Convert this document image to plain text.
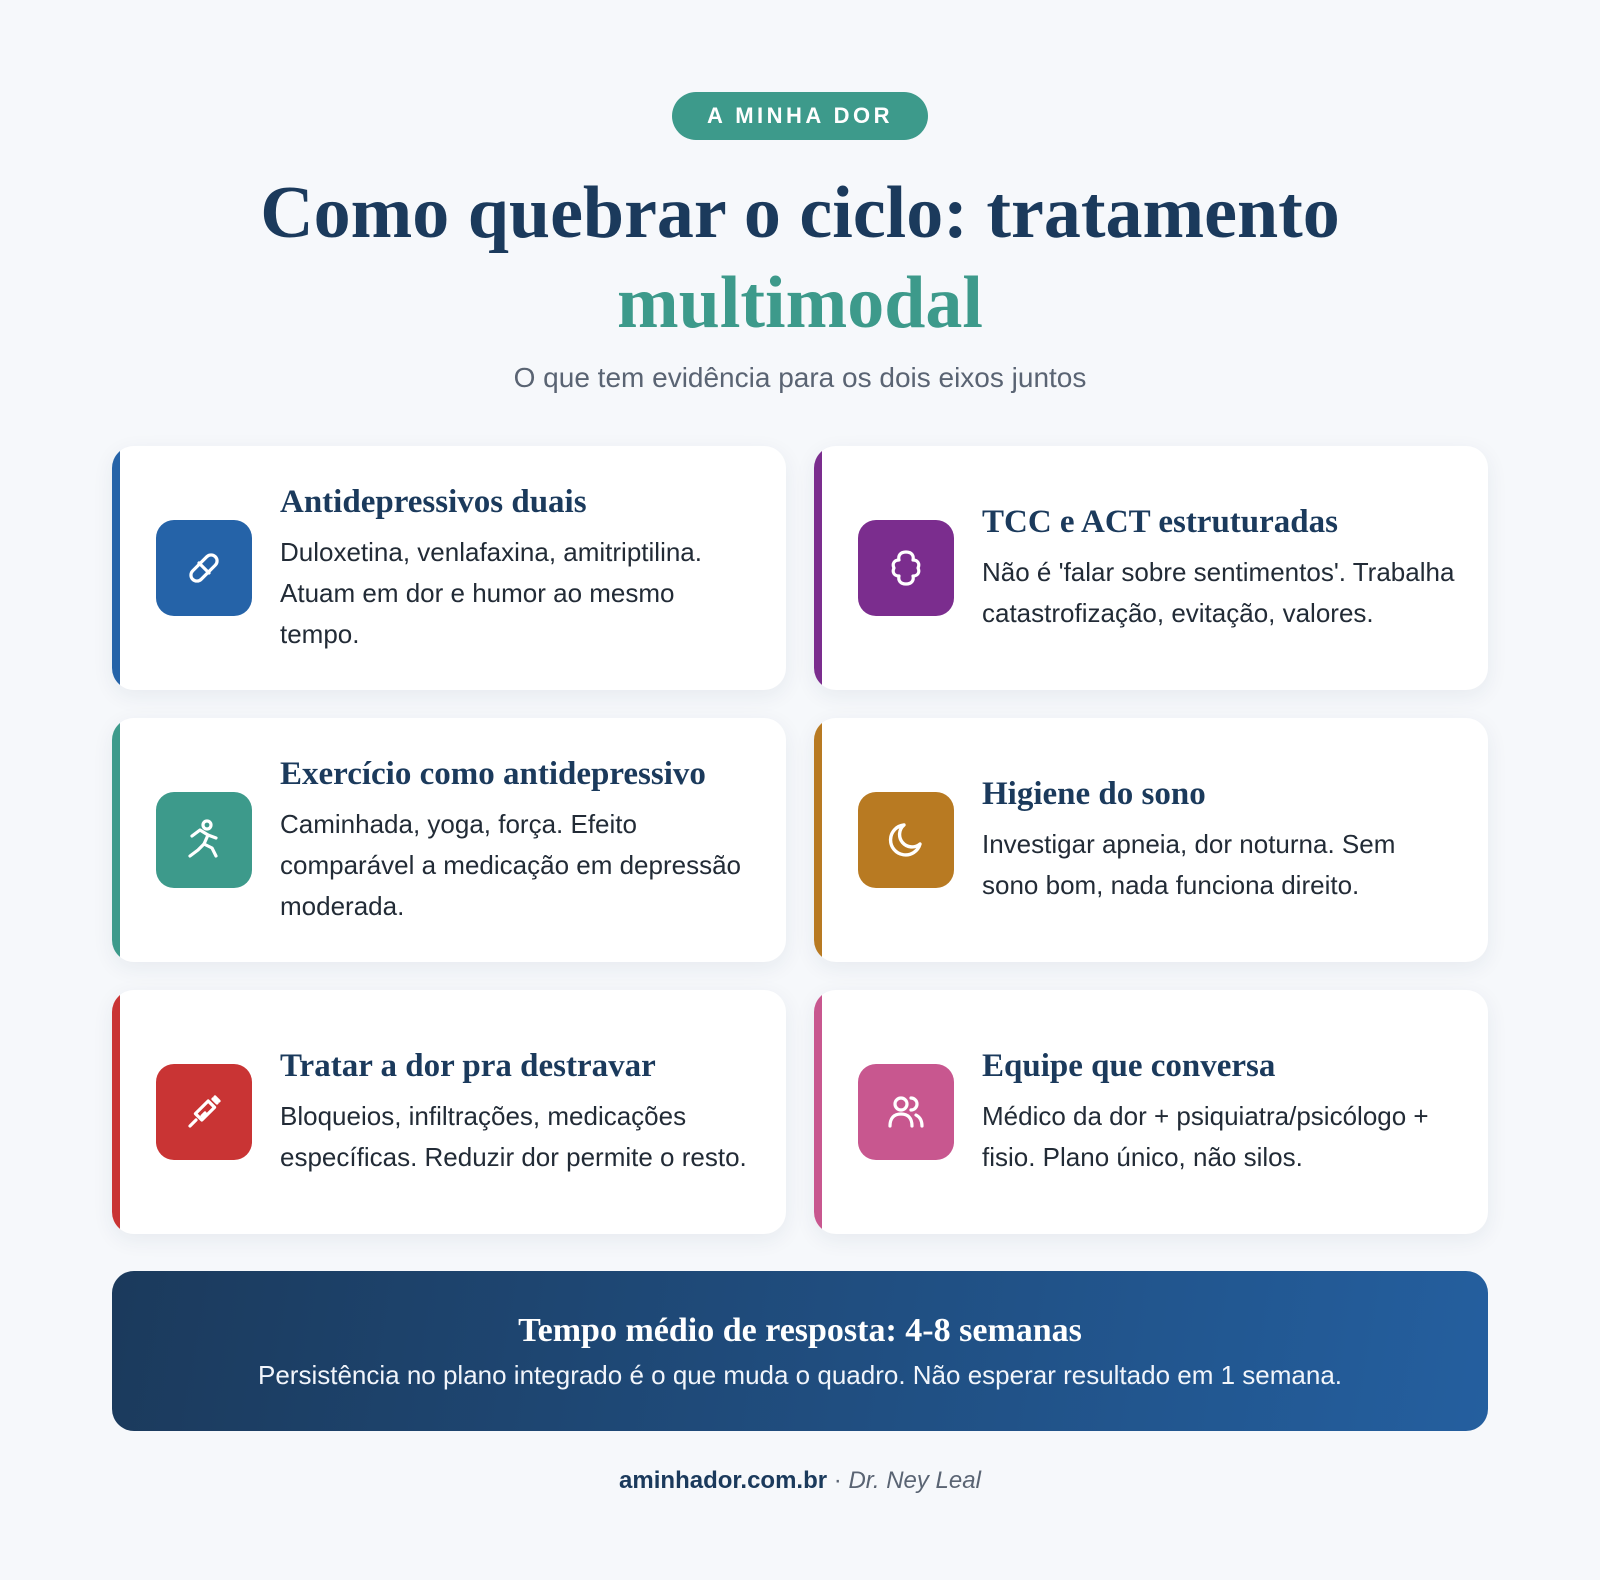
A MINHA DOR
Como quebrar o ciclo: tratamento
multimodal
O que tem evidência para os dois eixos juntos
Antidepressivos duais

Duloxetina, venlafaxina, amitriptilina. Atuam em dor e humor ao mesmo tempo.

TCC e ACT estruturadas

Não é 'falar sobre sentimentos'. Trabalha catastrofização, evitação, valores.

Exercício como antidepressivo

Caminhada, yoga, força. Efeito comparável a medicação em depressão moderada.

Higiene do sono

Investigar apneia, dor noturna. Sem sono bom, nada funciona direito.

Tratar a dor pra destravar

Bloqueios, infiltrações, medicações específicas. Reduzir dor permite o resto.

Equipe que conversa

Médico da dor + psiquiatra/psicólogo + fisio. Plano único, não silos.

Tempo médio de resposta: 4-8 semanas

Persistência no plano integrado é o que muda o quadro. Não esperar resultado em 1 semana.

aminhador.com.br · Dr. Ney Leal
